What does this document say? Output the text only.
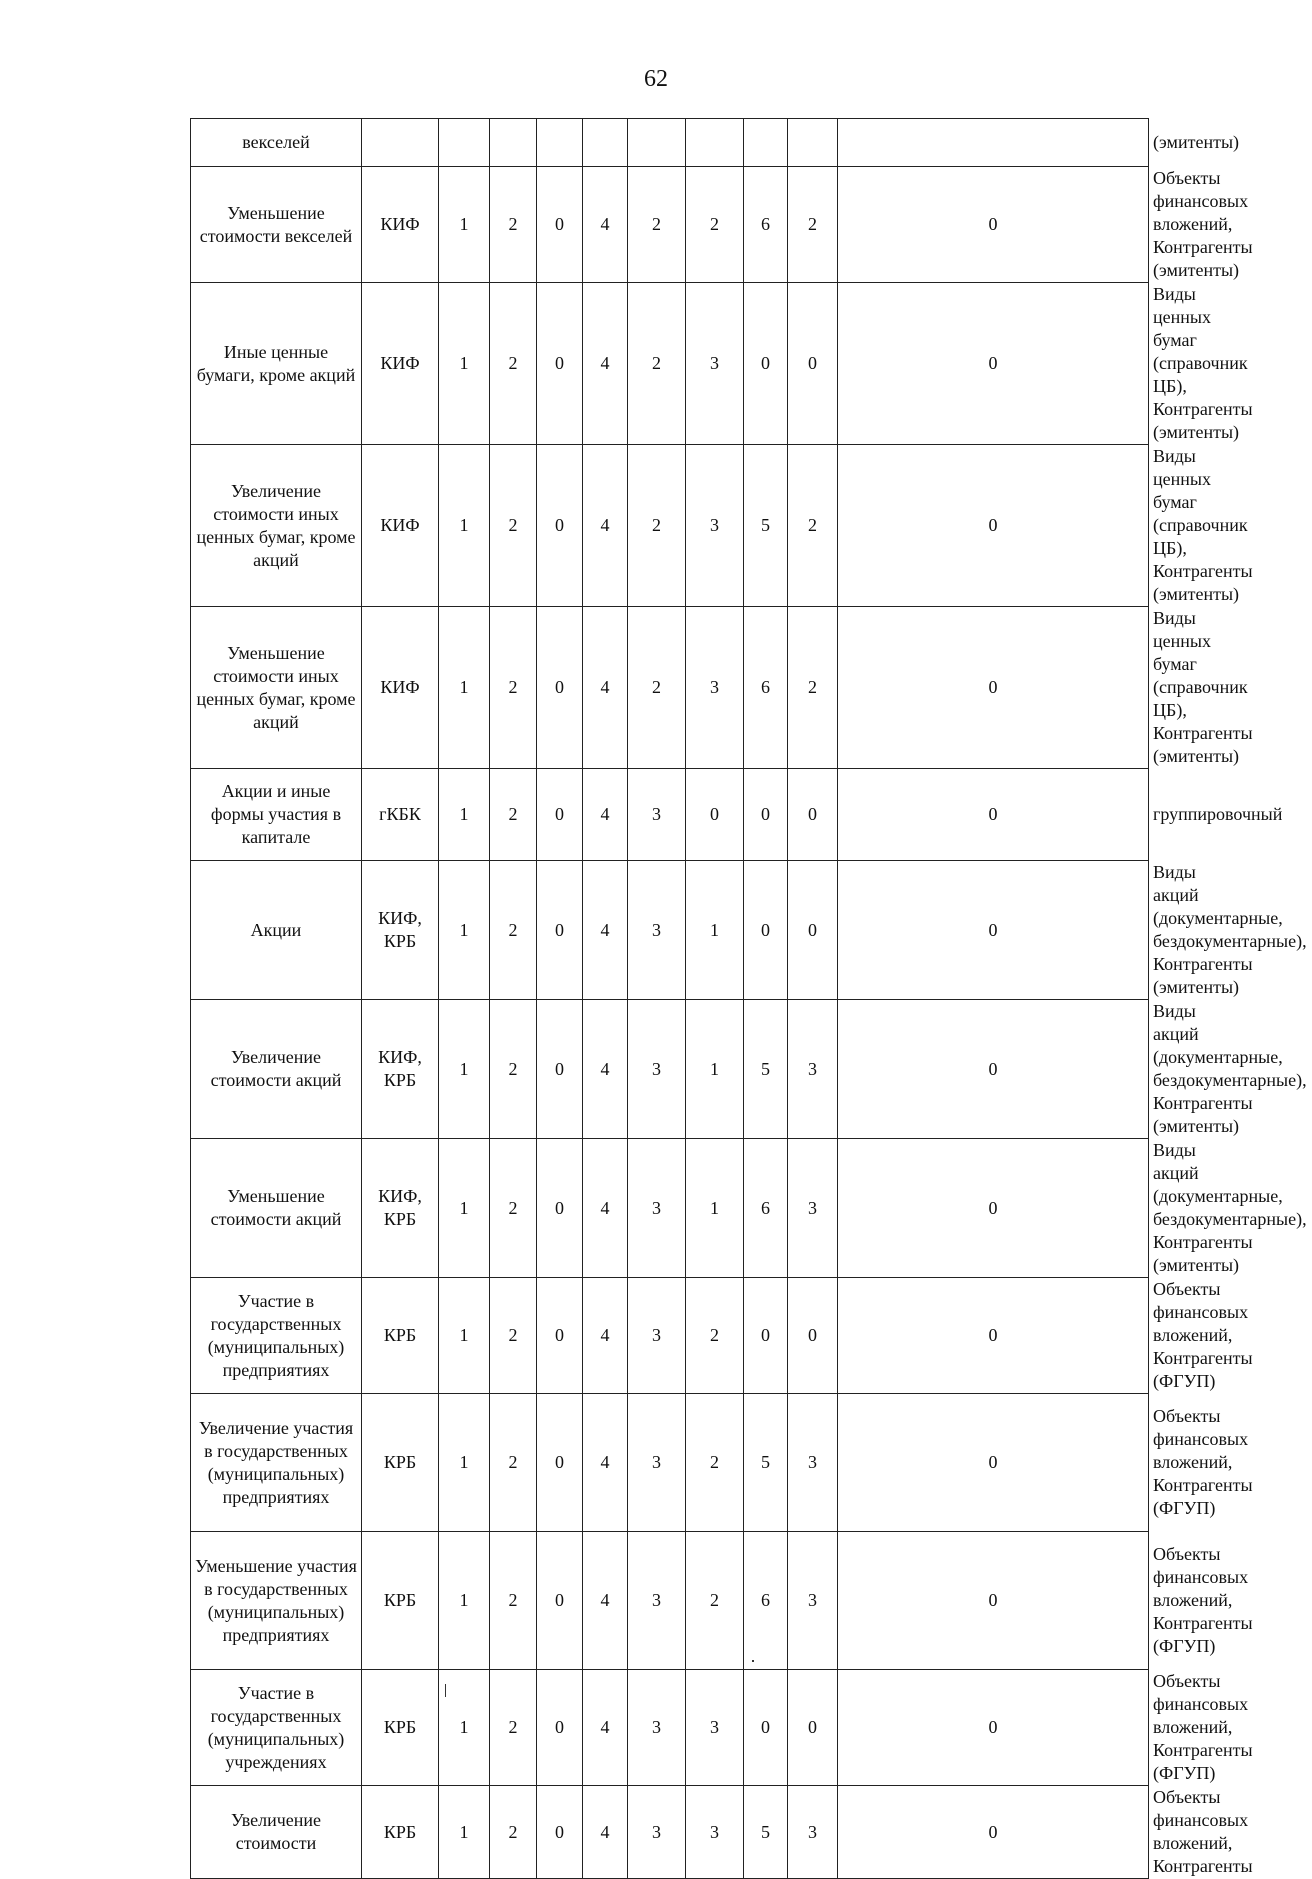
62
векселей											(эмитенты)
Уменьшение стоимости векселей	КИФ	1	2	0	4	2	2	6	2	0	Объекты финансовых вложений, Контрагенты (эмитенты)
Иные ценные бумаги, кроме акций	КИФ	1	2	0	4	2	3	0	0	0	Виды ценных бумаг (справочник ЦБ), Контрагенты (эмитенты)
Увеличение стоимости иных ценных бумаг, кроме акций	КИФ	1	2	0	4	2	3	5	2	0	Виды ценных бумаг (справочник ЦБ), Контрагенты (эмитенты)
Уменьшение стоимости иных ценных бумаг, кроме акций	КИФ	1	2	0	4	2	3	6	2	0	Виды ценных бумаг (справочник ЦБ), Контрагенты (эмитенты)
Акции и иные формы участия в капитале	гКБК	1	2	0	4	3	0	0	0	0	группировочный
Акции	КИФ, КРБ	1	2	0	4	3	1	0	0	0	Виды акций (документарные, бездокументарные), Контрагенты (эмитенты)
Увеличение стоимости акций	КИФ, КРБ	1	2	0	4	3	1	5	3	0	Виды акций (документарные, бездокументарные), Контрагенты (эмитенты)
Уменьшение стоимости акций	КИФ, КРБ	1	2	0	4	3	1	6	3	0	Виды акций (документарные, бездокументарные), Контрагенты (эмитенты)
Участие в государственных (муниципальных) предприятиях	КРБ	1	2	0	4	3	2	0	0	0	Объекты финансовых вложений, Контрагенты (ФГУП)
Увеличение участия в государственных (муниципальных) предприятиях	КРБ	1	2	0	4	3	2	5	3	0	Объекты финансовых вложений, Контрагенты (ФГУП)
Уменьшение участия в государственных (муниципальных) предприятиях	КРБ	1	2	0	4	3	2	6	3	0	Объекты финансовых вложений, Контрагенты (ФГУП)
Участие в государственных (муниципальных) учреждениях	КРБ	1	2	0	4	3	3	0	0	0	Объекты финансовых вложений, Контрагенты (ФГУП)
Увеличение стоимости	КРБ	1	2	0	4	3	3	5	3	0	Объекты финансовых вложений, Контрагенты
